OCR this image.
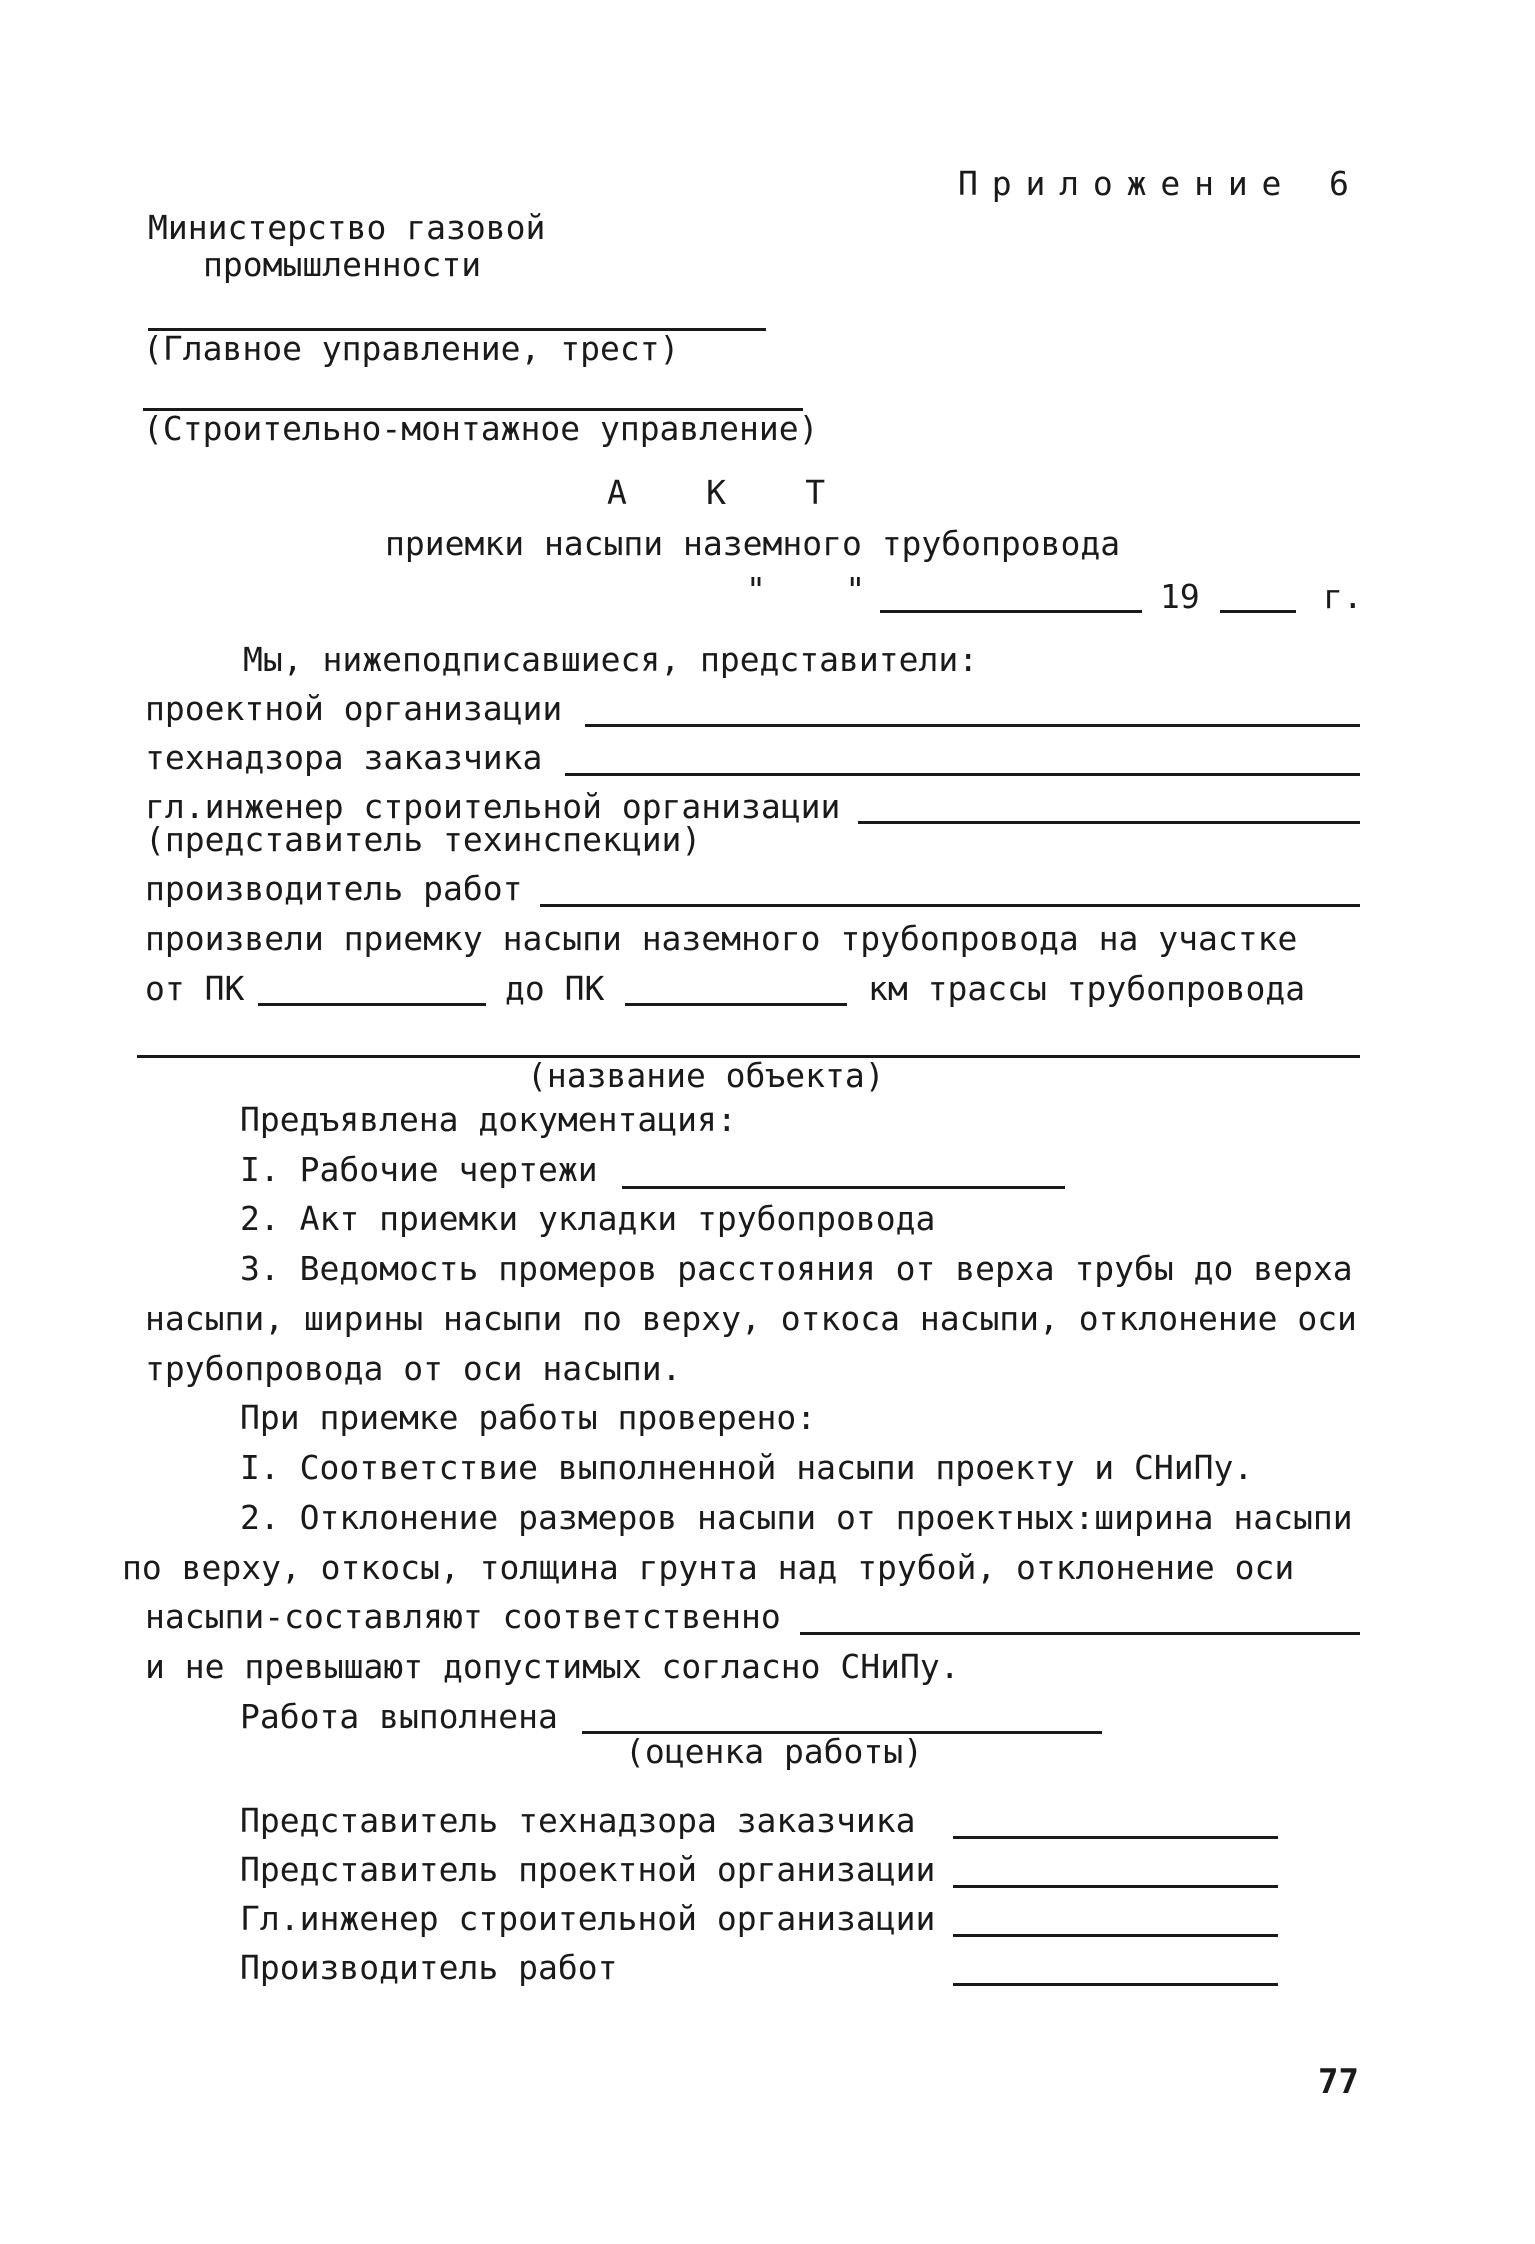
Приложение 6
Министерство газовой
промышленности
(Главное управление, трест)
(Строительно-монтажное управление)
А К Т
приемки насыпи наземного трубопровода
"    "	19	г.
Мы, нижеподписавшиеся, представители:
проектной организации
технадзора заказчика
гл.инженер строительной организации
(представитель техинспекции)
производитель работ
произвели приемку насыпи наземного трубопровода на участке
от ПК	до ПК	км трассы трубопровода
(название объекта)
Предъявлена документация:
I. Рабочие чертежи
2. Акт приемки укладки трубопровода
3. Ведомость промеров расстояния от верха трубы до верха
насыпи, ширины насыпи по верху, откоса насыпи, отклонение оси
трубопровода от оси насыпи.
При приемке работы проверено:
I. Соответствие выполненной насыпи проекту и СНиПу.
2. Отклонение размеров насыпи от проектных:ширина насыпи
по верху, откосы, толщина грунта над трубой, отклонение оси
насыпи-составляют соответственно
и не превышают допустимых согласно СНиПу.
Работа выполнена
(оценка работы)
Представитель технадзора заказчика
Представитель проектной организации
Гл.инженер строительной организации
Производитель работ
77
